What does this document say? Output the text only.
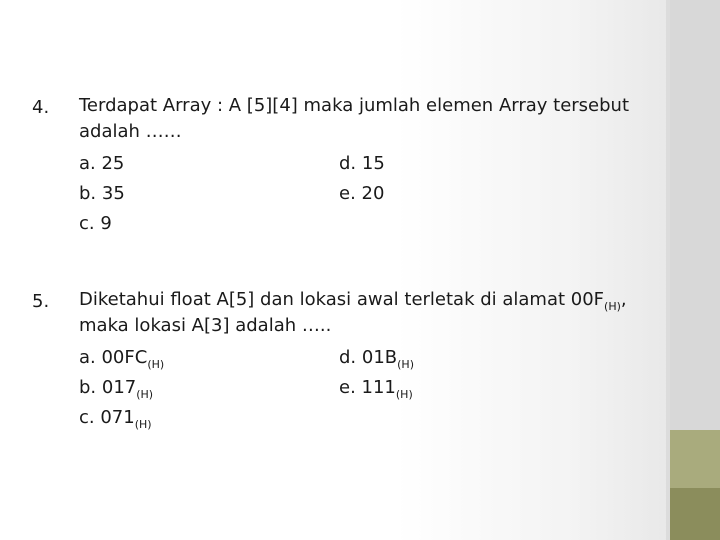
4.	Terdapat Array : A [5][4] maka jumlah elemen Array tersebut
adalah ……
a. 25	d. 15
b. 35	e. 20
c. 9
5.	Diketahui float A[5] dan lokasi awal terletak di alamat $00F_{(H)}$,
maka lokasi A[3] adalah …..
a. $00FC_{(H)}$	d. $01B_{(H)}$
b. $017_{(H)}$	e. $111_{(H)}$
c. $071_{(H)}$
